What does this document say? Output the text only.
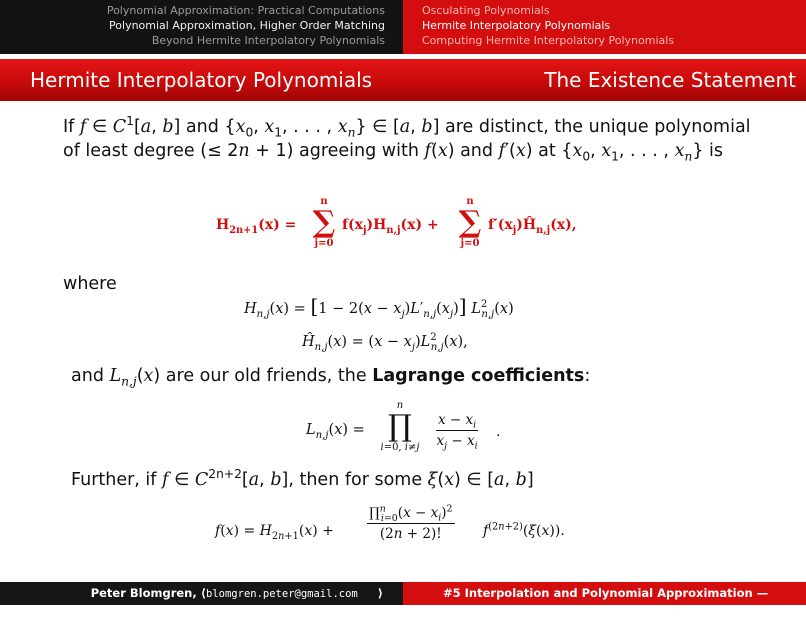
Polynomial Approximation: Practical Computations
Polynomial Approximation, Higher Order Matching
Beyond Hermite Interpolatory Polynomials
Osculating Polynomials
Hermite Interpolatory Polynomials
Computing Hermite Interpolatory Polynomials
Hermite Interpolatory Polynomials	The Existence Statement
If f ∈ $C^1[a$, b] and {$x_0$, $x_1$, . . . , $x_n$} ∈ [a, b] are distinct, the unique polynomial of least degree (≤ 2n + 1) agreeing with f(x) and f′(x) at {$x_0$, $x_1$, . . . , $x_n$} is
$H_{2n+1}(x)$ =
n
∑
j=0
$f(x_j)H_{n,j}(x)$ +
n
∑
j=0
$f'(x_j)Ĥ_{n,j}(x)$,
where
$H_{n,j}(x) = [1 - 2(x - x_j)L'_{n,j}(x_j)]$ $L^2_{n,j}(x)$
$Ĥ_{n,j}(x) = (x - x_j)L^2_{n,j}(x)$,
and $L_{n,j}(x)$ are our old friends, the Lagrange coefficients:
$L_{n,j}(x)$ =
n
∏
i=0, i≠j	$\frac{x - x_i}{x_j - x_i}$ .
Further, if f ∈ $C^{2n+2}[a$, b], then for some ξ(x) ∈ [a, b]
$f(x) = H_{2n+1}(x) + \frac{\prod^n_{i=0}(x - x_i)^2}{(2n + 2)!} f^{(2n+2)}(\xi(x))$.
Peter Blomgren, ⟨blomgren.peter@gmail.com ⟩	#5 Interpolation and Polynomial Approximation — (25/40)
